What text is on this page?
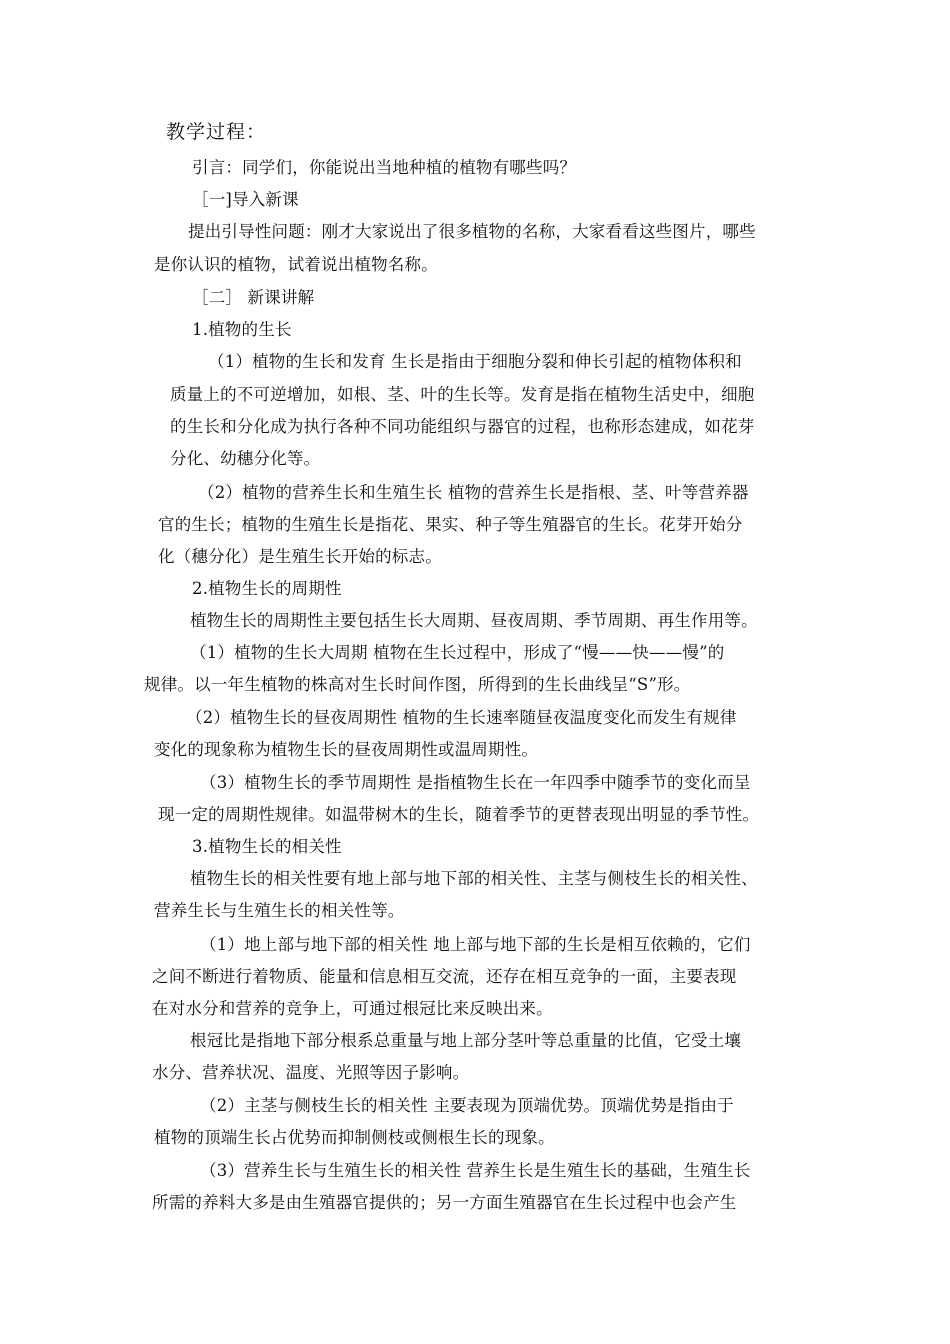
教学过程：
引言：同学们，你能说出当地种植的植物有哪些吗？
［一]导入新课
提出引导性问题：刚才大家说出了很多植物的名称，大家看看这些图片，哪些
是你认识的植物，试着说出植物名称。
［二］ 新课讲解
1.植物的生长
（1）植物的生长和发育 生长是指由于细胞分裂和伸长引起的植物体积和
质量上的不可逆增加，如根、茎、叶的生长等。发育是指在植物生活史中，细胞
的生长和分化成为执行各种不同功能组织与器官的过程，也称形态建成，如花芽
分化、幼穗分化等。
（2）植物的营养生长和生殖生长 植物的营养生长是指根、茎、叶等营养器
官的生长；植物的生殖生长是指花、果实、种子等生殖器官的生长。花芽开始分
化（穗分化）是生殖生长开始的标志。
2.植物生长的周期性
植物生长的周期性主要包括生长大周期、昼夜周期、季节周期、再生作用等。
（1）植物的生长大周期 植物在生长过程中，形成了“慢——快——慢”的
规律。以一年生植物的株高对生长时间作图，所得到的生长曲线呈“S”形。
（2）植物生长的昼夜周期性 植物的生长速率随昼夜温度变化而发生有规律
变化的现象称为植物生长的昼夜周期性或温周期性。
（3）植物生长的季节周期性 是指植物生长在一年四季中随季节的变化而呈
现一定的周期性规律。如温带树木的生长，随着季节的更替表现出明显的季节性。
3.植物生长的相关性
植物生长的相关性要有地上部与地下部的相关性、主茎与侧枝生长的相关性、
营养生长与生殖生长的相关性等。
（1）地上部与地下部的相关性 地上部与地下部的生长是相互依赖的，它们
之间不断进行着物质、能量和信息相互交流，还存在相互竞争的一面，主要表现
在对水分和营养的竞争上，可通过根冠比来反映出来。
根冠比是指地下部分根系总重量与地上部分茎叶等总重量的比值，它受土壤
水分、营养状况、温度、光照等因子影响。
（2）主茎与侧枝生长的相关性 主要表现为顶端优势。顶端优势是指由于
植物的顶端生长占优势而抑制侧枝或侧根生长的现象。
（3）营养生长与生殖生长的相关性 营养生长是生殖生长的基础，生殖生长
所需的养料大多是由生殖器官提供的；另一方面生殖器官在生长过程中也会产生
